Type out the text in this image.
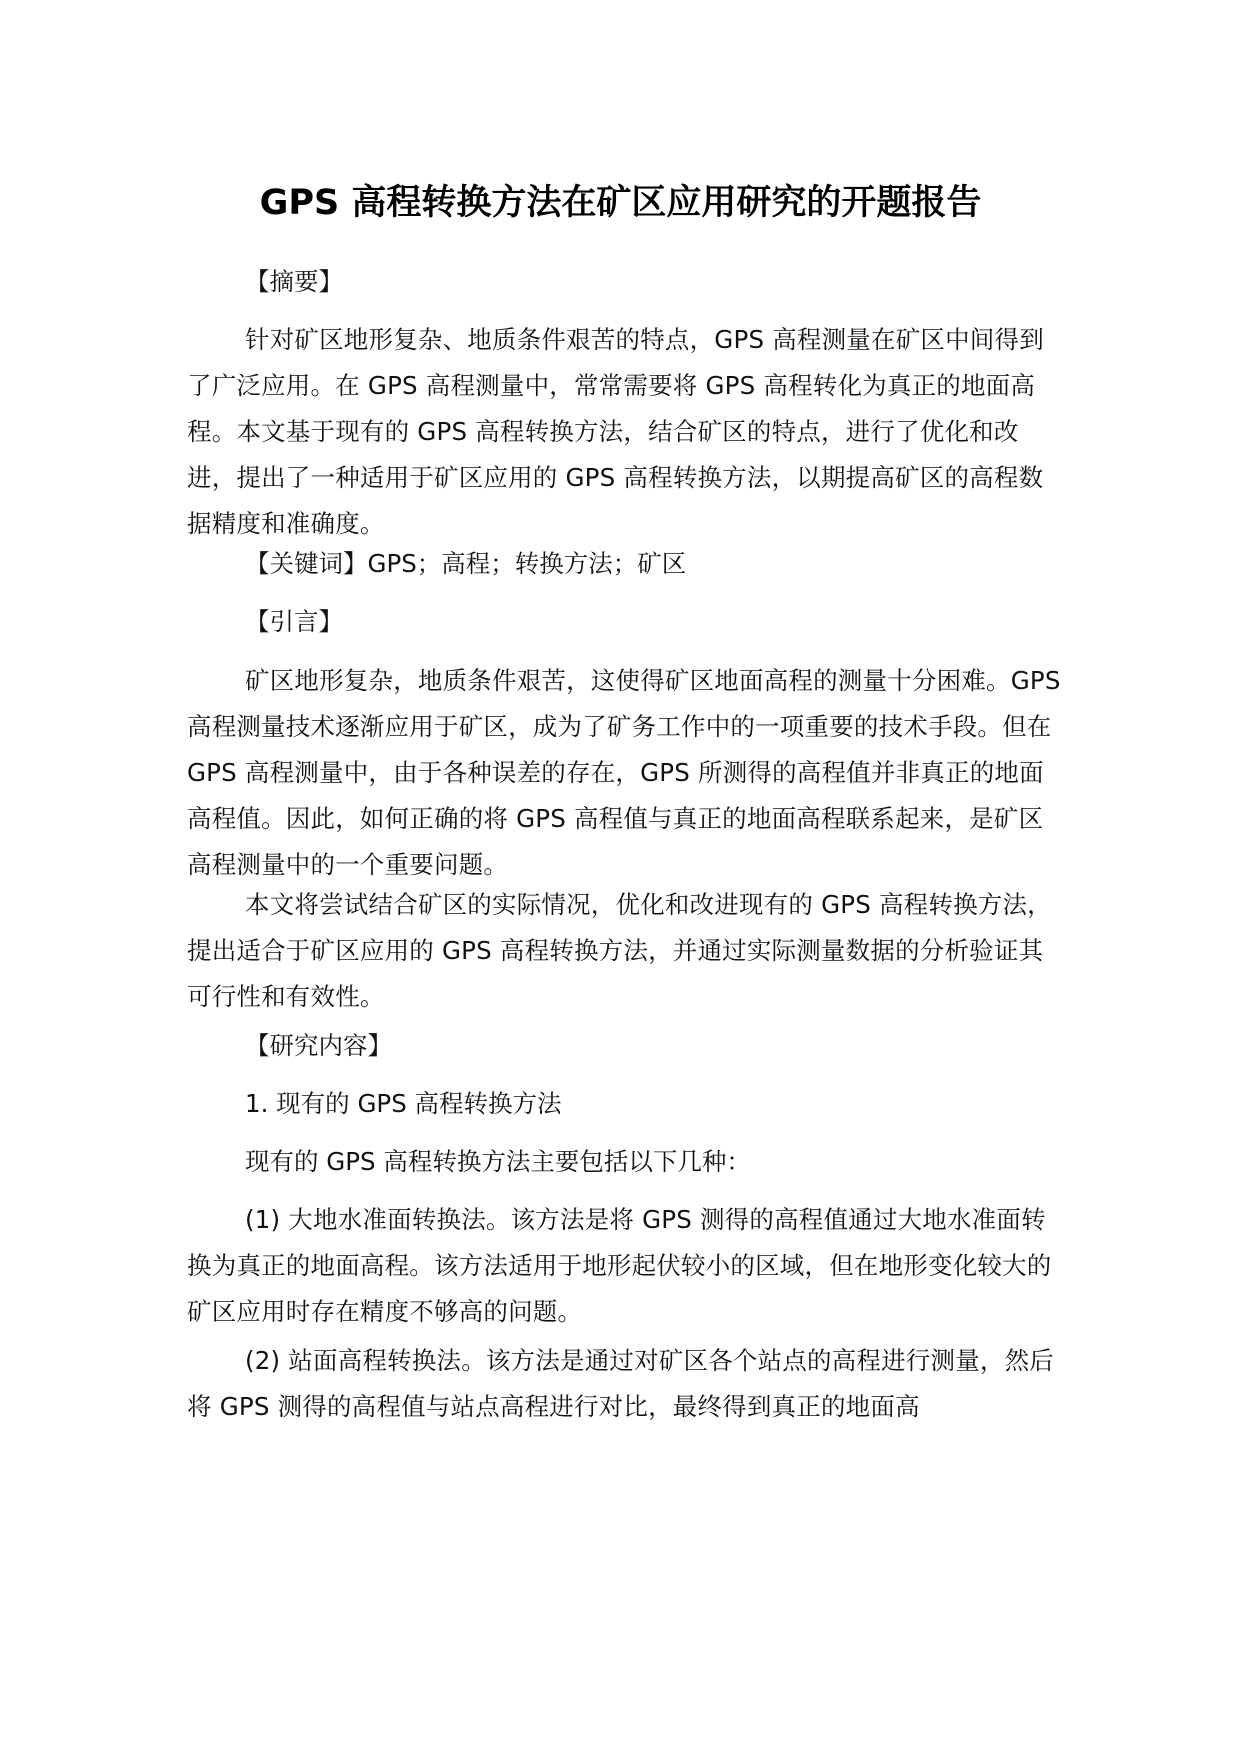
GPS 高程转换方法在矿区应用研究的开题报告

【摘要】

针对矿区地形复杂、地质条件艰苦的特点，GPS 高程测量在矿区中间得到了广泛应用。在 GPS 高程测量中，常常需要将 GPS 高程转化为真正的地面高程。本文基于现有的 GPS 高程转换方法，结合矿区的特点，进行了优化和改进，提出了一种适用于矿区应用的 GPS 高程转换方法，以期提高矿区的高程数据精度和准确度。

【关键词】GPS；高程；转换方法；矿区

【引言】

矿区地形复杂，地质条件艰苦，这使得矿区地面高程的测量十分困难。GPS 高程测量技术逐渐应用于矿区，成为了矿务工作中的一项重要的技术手段。但在 GPS 高程测量中，由于各种误差的存在，GPS 所测得的高程值并非真正的地面高程值。因此，如何正确的将 GPS 高程值与真正的地面高程联系起来，是矿区高程测量中的一个重要问题。

本文将尝试结合矿区的实际情况，优化和改进现有的 GPS 高程转换方法，提出适合于矿区应用的 GPS 高程转换方法，并通过实际测量数据的分析验证其可行性和有效性。

【研究内容】

1. 现有的 GPS 高程转换方法

现有的 GPS 高程转换方法主要包括以下几种：

(1) 大地水准面转换法。该方法是将 GPS 测得的高程值通过大地水准面转换为真正的地面高程。该方法适用于地形起伏较小的区域，但在地形变化较大的矿区应用时存在精度不够高的问题。

(2) 站面高程转换法。该方法是通过对矿区各个站点的高程进行测量，然后将 GPS 测得的高程值与站点高程进行对比，最终得到真正的地面高
